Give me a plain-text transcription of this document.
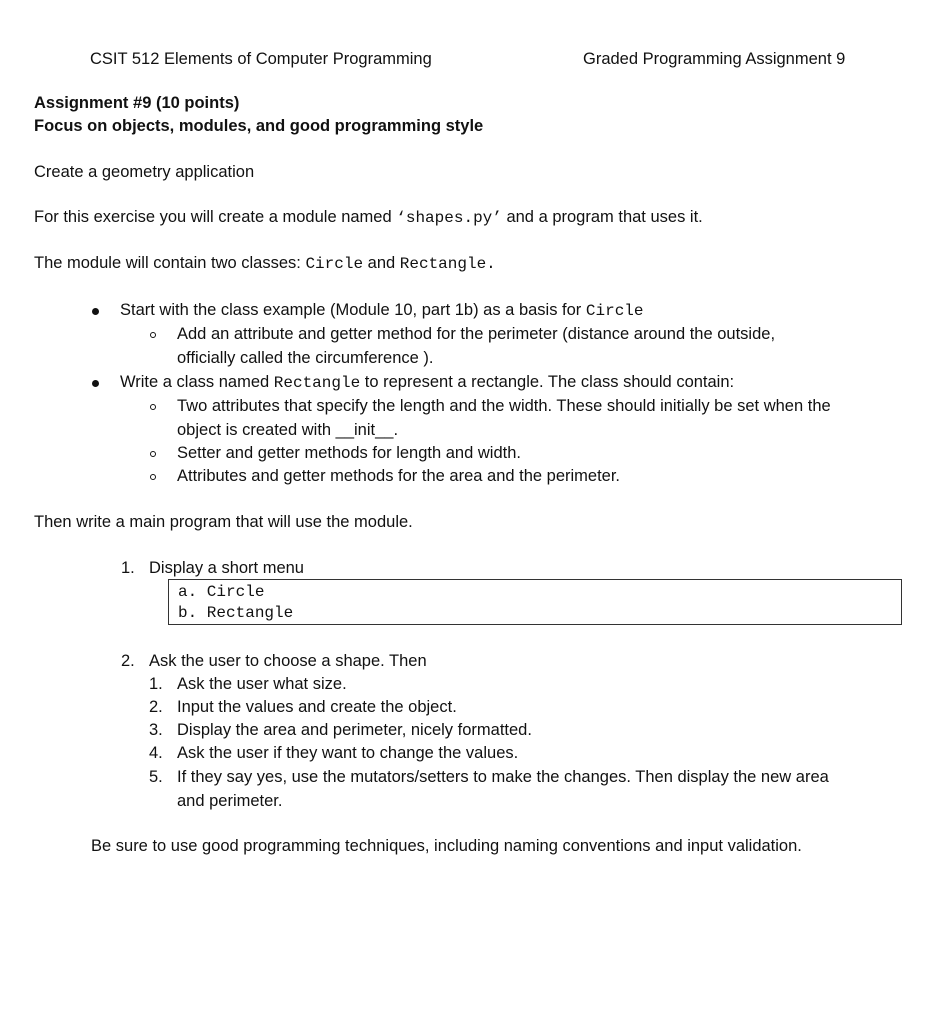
CSIT 512 Elements of Computer Programming	Graded Programming Assignment 9
Assignment #9 (10 points)
Focus on objects, modules, and good programming style
Create a geometry application
For this exercise you will create a module named ‘shapes.py’ and a program that uses it.
The module will contain two classes: Circle and Rectangle.
Start with the class example (Module 10, part 1b) as a basis for Circle
Add an attribute and getter method for the perimeter (distance around the outside,
officially called the circumference ).
Write a class named Rectangle to represent a rectangle. The class should contain:
Two attributes that specify the length and the width. These should initially be set when the
object is created with __init__.
Setter and getter methods for length and width.
Attributes and getter methods for the area and the perimeter.
Then write a main program that will use the module.
1. Display a short menu
a. Circle
b. Rectangle
2. Ask the user to choose a shape. Then
1. Ask the user what size.
2. Input the values and create the object.
3. Display the area and perimeter, nicely formatted.
4. Ask the user if they want to change the values.
5. If they say yes, use the mutators/setters to make the changes. Then display the new area
and perimeter.
Be sure to use good programming techniques, including naming conventions and input validation.
